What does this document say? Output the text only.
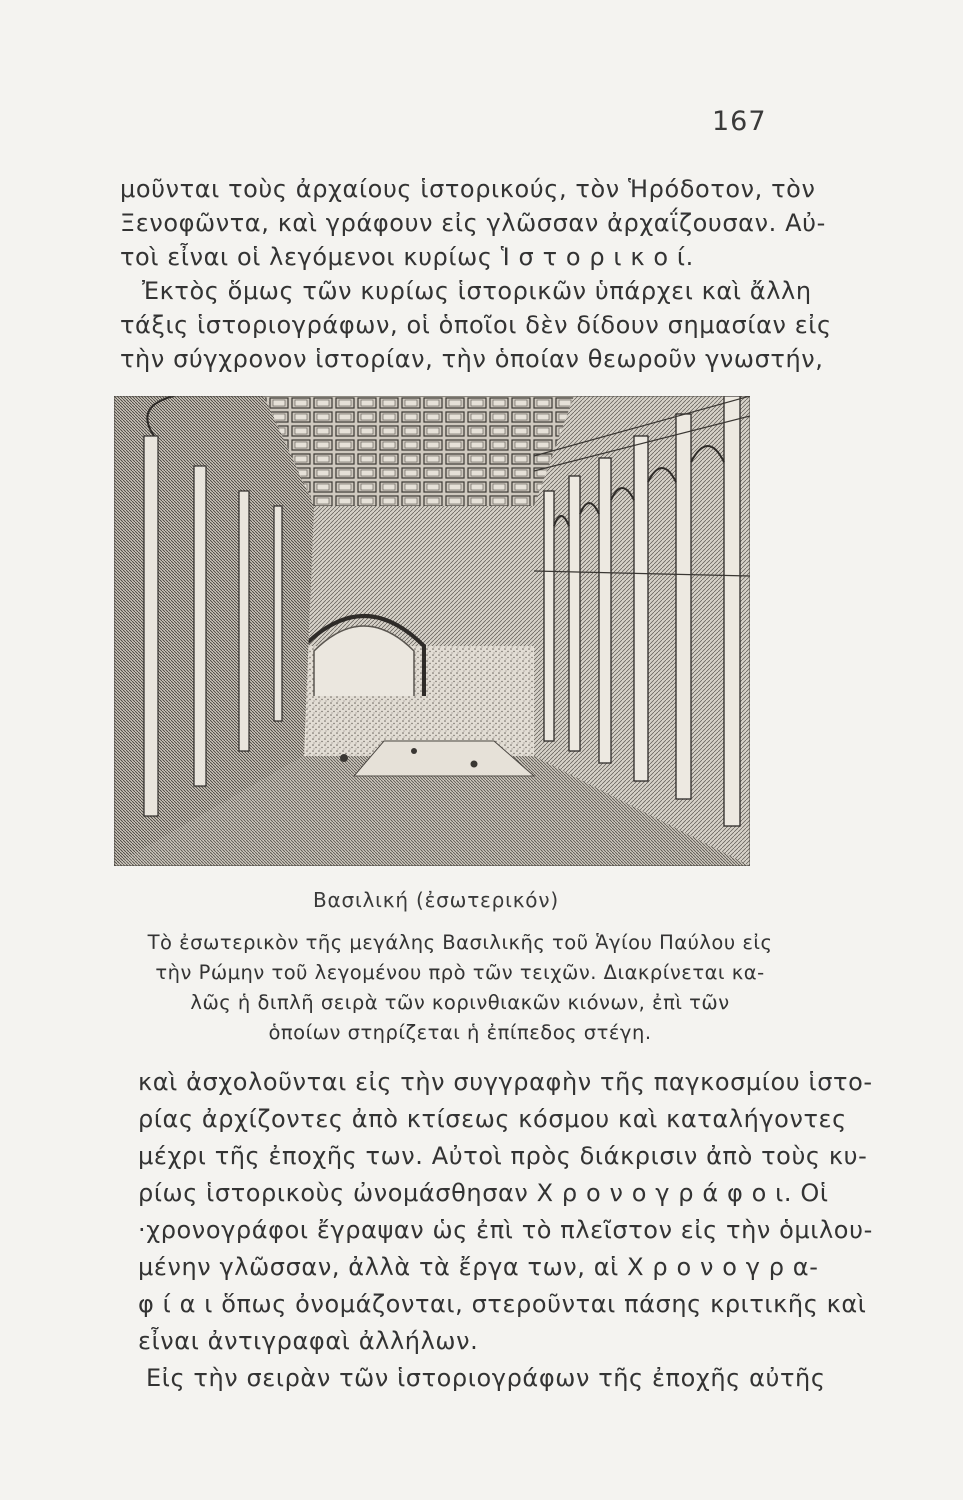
167
μοῦνται τοὺς ἀρχαίους ἱστορικούς, τὸν Ἡρόδοτον, τὸν
Ξενοφῶντα, καὶ γράφουν εἰς γλῶσσαν ἀρχαΐζουσαν. Αὐ-
τοὶ εἶναι οἱ λεγόμενοι κυρίως Ἱ σ τ ο ρ ι κ ο ί.
Ἐκτὸς ὅμως τῶν κυρίως ἱστορικῶν ὑπάρχει καὶ ἄλλη
τάξις ἱστοριογράφων, οἱ ὁποῖοι δὲν δίδουν σημασίαν εἰς
τὴν σύγχρονον ἱστορίαν, τὴν ὁποίαν θεωροῦν γνωστήν,
Βασιλική (ἐσωτερικόν)
Τὸ ἐσωτερικὸν τῆς μεγάλης Βασιλικῆς τοῦ Ἁγίου Παύλου εἰς
τὴν Ρώμην τοῦ λεγομένου πρὸ τῶν τειχῶν. Διακρίνεται κα-
λῶς ἡ διπλῆ σειρὰ τῶν κορινθιακῶν κιόνων, ἐπὶ τῶν
ὁποίων στηρίζεται ἡ ἐπίπεδος στέγη.
καὶ ἀσχολοῦνται εἰς τὴν συγγραφὴν τῆς παγκοσμίου ἱστο-
ρίας ἀρχίζοντες ἀπὸ κτίσεως κόσμου καὶ καταλήγοντες
μέχρι τῆς ἐποχῆς των. Αὐτοὶ πρὸς διάκρισιν ἀπὸ τοὺς κυ-
ρίως ἱστορικοὺς ὠνομάσθησαν Χ ρ ο ν ο γ ρ ά φ ο ι. Οἱ
·χρονογράφοι ἔγραψαν ὡς ἐπὶ τὸ πλεῖστον εἰς τὴν ὁμιλου-
μένην γλῶσσαν, ἀλλὰ τὰ ἔργα των, αἱ Χ ρ ο ν ο γ ρ α-
φ ί α ι ὅπως ὀνομάζονται, στεροῦνται πάσης κριτικῆς καὶ
εἶναι ἀντιγραφαὶ ἀλλήλων.
Εἰς τὴν σειρὰν τῶν ἱστοριογράφων τῆς ἐποχῆς αὐτῆς
